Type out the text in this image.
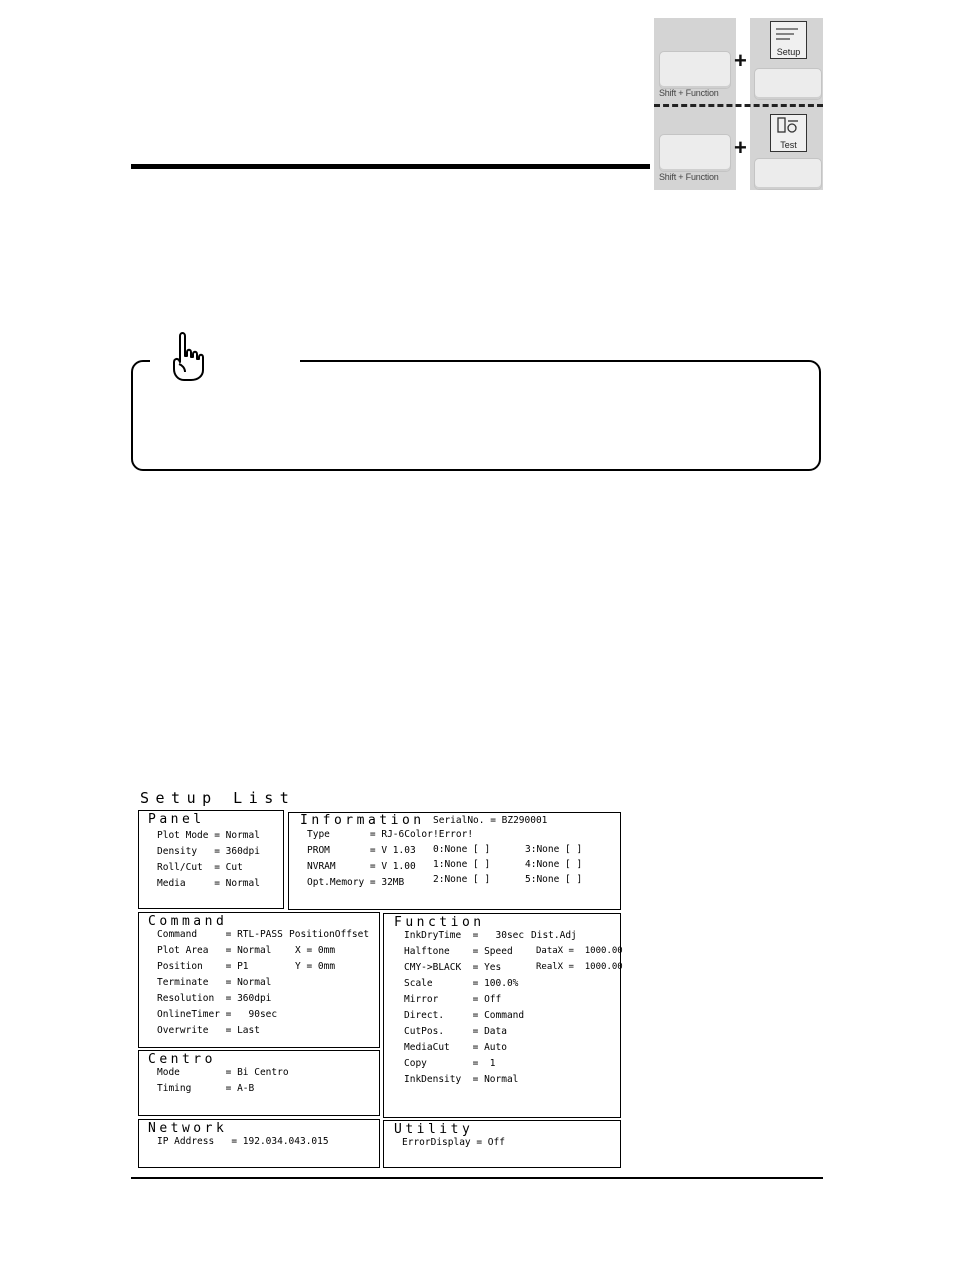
Shift + Function
+	Setup
Shift + Function
+	Test
Setup List
Panel
Plot Mode = Normal
Density   = 360dpi
Roll/Cut  = Cut
Media     = Normal
Information SerialNo. = BZ290001
Type       = RJ-6Color
PROM       = V 1.03
NVRAM      = V 1.00
Opt.Memory = 32MB
!Error!
0:None [ ]
1:None [ ]
2:None [ ]
3:None [ ]
4:None [ ]
5:None [ ]
Command
Command     = RTL-PASS
Plot Area   = Normal
Position    = P1
Terminate   = Normal
Resolution  = 360dpi
OnlineTimer =   90sec
Overwrite   = Last
PositionOffset
X = 0mm
Y = 0mm
Function
InkDryTime  =   30sec
Halftone    = Speed
CMY->BLACK  = Yes
Scale       = 100.0%
Mirror      = Off
Direct.     = Command
CutPos.     = Data
MediaCut    = Auto
Copy        =  1
InkDensity  = Normal
Dist.Adj
DataX =  1000.00
RealX =  1000.00
Centro
Mode        = Bi Centro
Timing      = A-B
Network
IP Address   = 192.034.043.015
Utility
ErrorDisplay = Off
